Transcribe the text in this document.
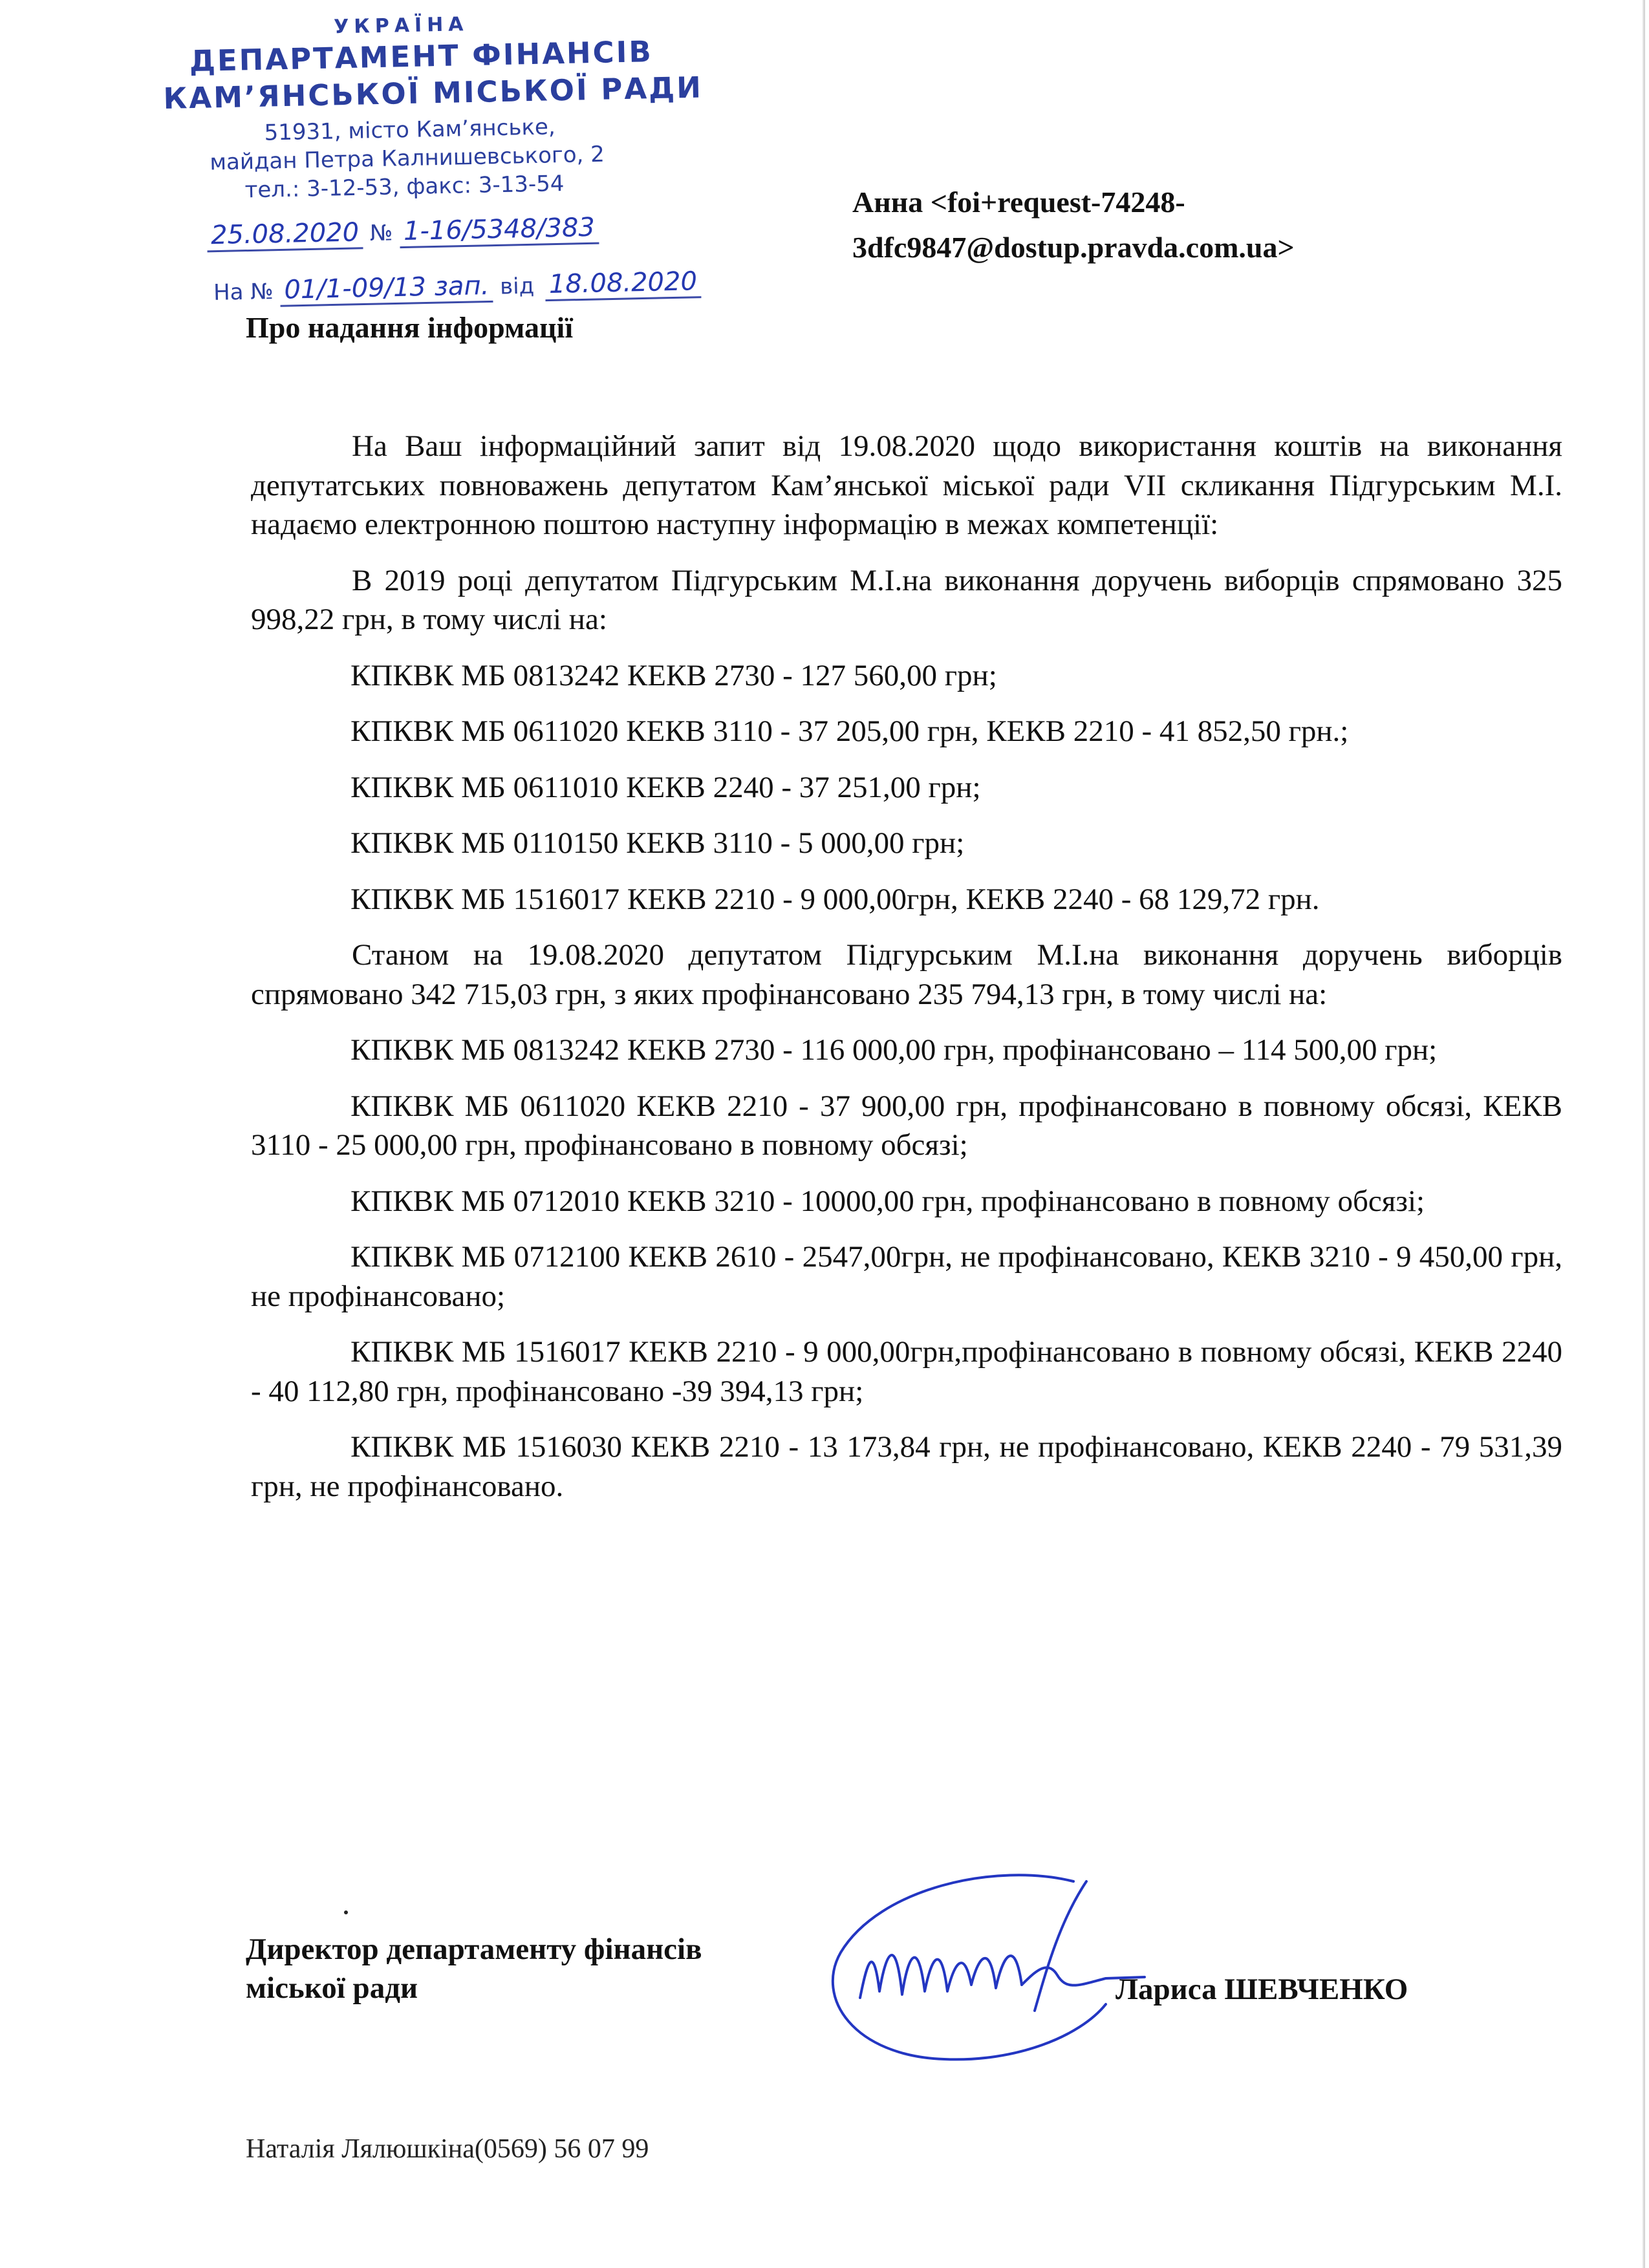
УКРАЇНА
ДЕПАРТАМЕНТ ФІНАНСІВ
КАМ’ЯНСЬКОЇ МІСЬКОЇ РАДИ
51931, місто Кам’янське,
майдан Петра Калнишевського, 2
тел.: 3-12-53, факс: 3-13-54
25.08.2020 № 1-16/5348/383
На № 01/1-09/13 зап. від 18.08.2020
Анна <foi+request-74248-
3dfc9847@dostup.pravda.com.ua>
Про надання інформації

На Ваш інформаційний запит від 19.08.2020 щодо використання коштів на виконання депутатських повноважень депутатом Кам’янської міської ради VІІ скликання Підгурським М.І. надаємо електронною поштою наступну інформацію в межах компетенції:

В 2019 році депутатом Підгурським М.І.на виконання доручень виборців спрямовано 325 998,22 грн, в тому числі на:

КПКВК МБ 0813242 КЕКВ 2730 - 127 560,00 грн;

КПКВК МБ 0611020 КЕКВ 3110 - 37 205,00 грн, КЕКВ 2210 - 41 852,50 грн.;

КПКВК МБ 0611010 КЕКВ 2240 - 37 251,00 грн;

КПКВК МБ 0110150 КЕКВ 3110 - 5 000,00 грн;

КПКВК МБ 1516017 КЕКВ 2210 - 9 000,00грн, КЕКВ 2240 - 68 129,72 грн.

Станом на 19.08.2020 депутатом Підгурським М.І.на виконання доручень виборців спрямовано 342 715,03 грн, з яких профінансовано 235 794,13 грн, в тому числі на:

КПКВК МБ 0813242 КЕКВ 2730 - 116 000,00 грн, профінансовано – 114 500,00 грн;

КПКВК МБ 0611020 КЕКВ 2210 - 37 900,00 грн, профінансовано в повному обсязі, КЕКВ 3110 - 25 000,00 грн, профінансовано в повному обсязі;

КПКВК МБ 0712010 КЕКВ 3210 - 10000,00 грн, профінансовано в повному обсязі;

КПКВК МБ 0712100 КЕКВ 2610 - 2547,00грн, не профінансовано, КЕКВ 3210 - 9 450,00 грн, не профінансовано;

КПКВК МБ 1516017 КЕКВ 2210 - 9 000,00грн,профінансовано в повному обсязі, КЕКВ 2240 - 40 112,80 грн, профінансовано -39 394,13 грн;

КПКВК МБ 1516030 КЕКВ 2210 - 13 173,84 грн, не профінансовано, КЕКВ 2240 - 79 531,39 грн, не профінансовано.

Директор департаменту фінансів
міської ради	Лариса ШЕВЧЕНКО
Наталія Лялюшкіна(0569) 56 07 99
